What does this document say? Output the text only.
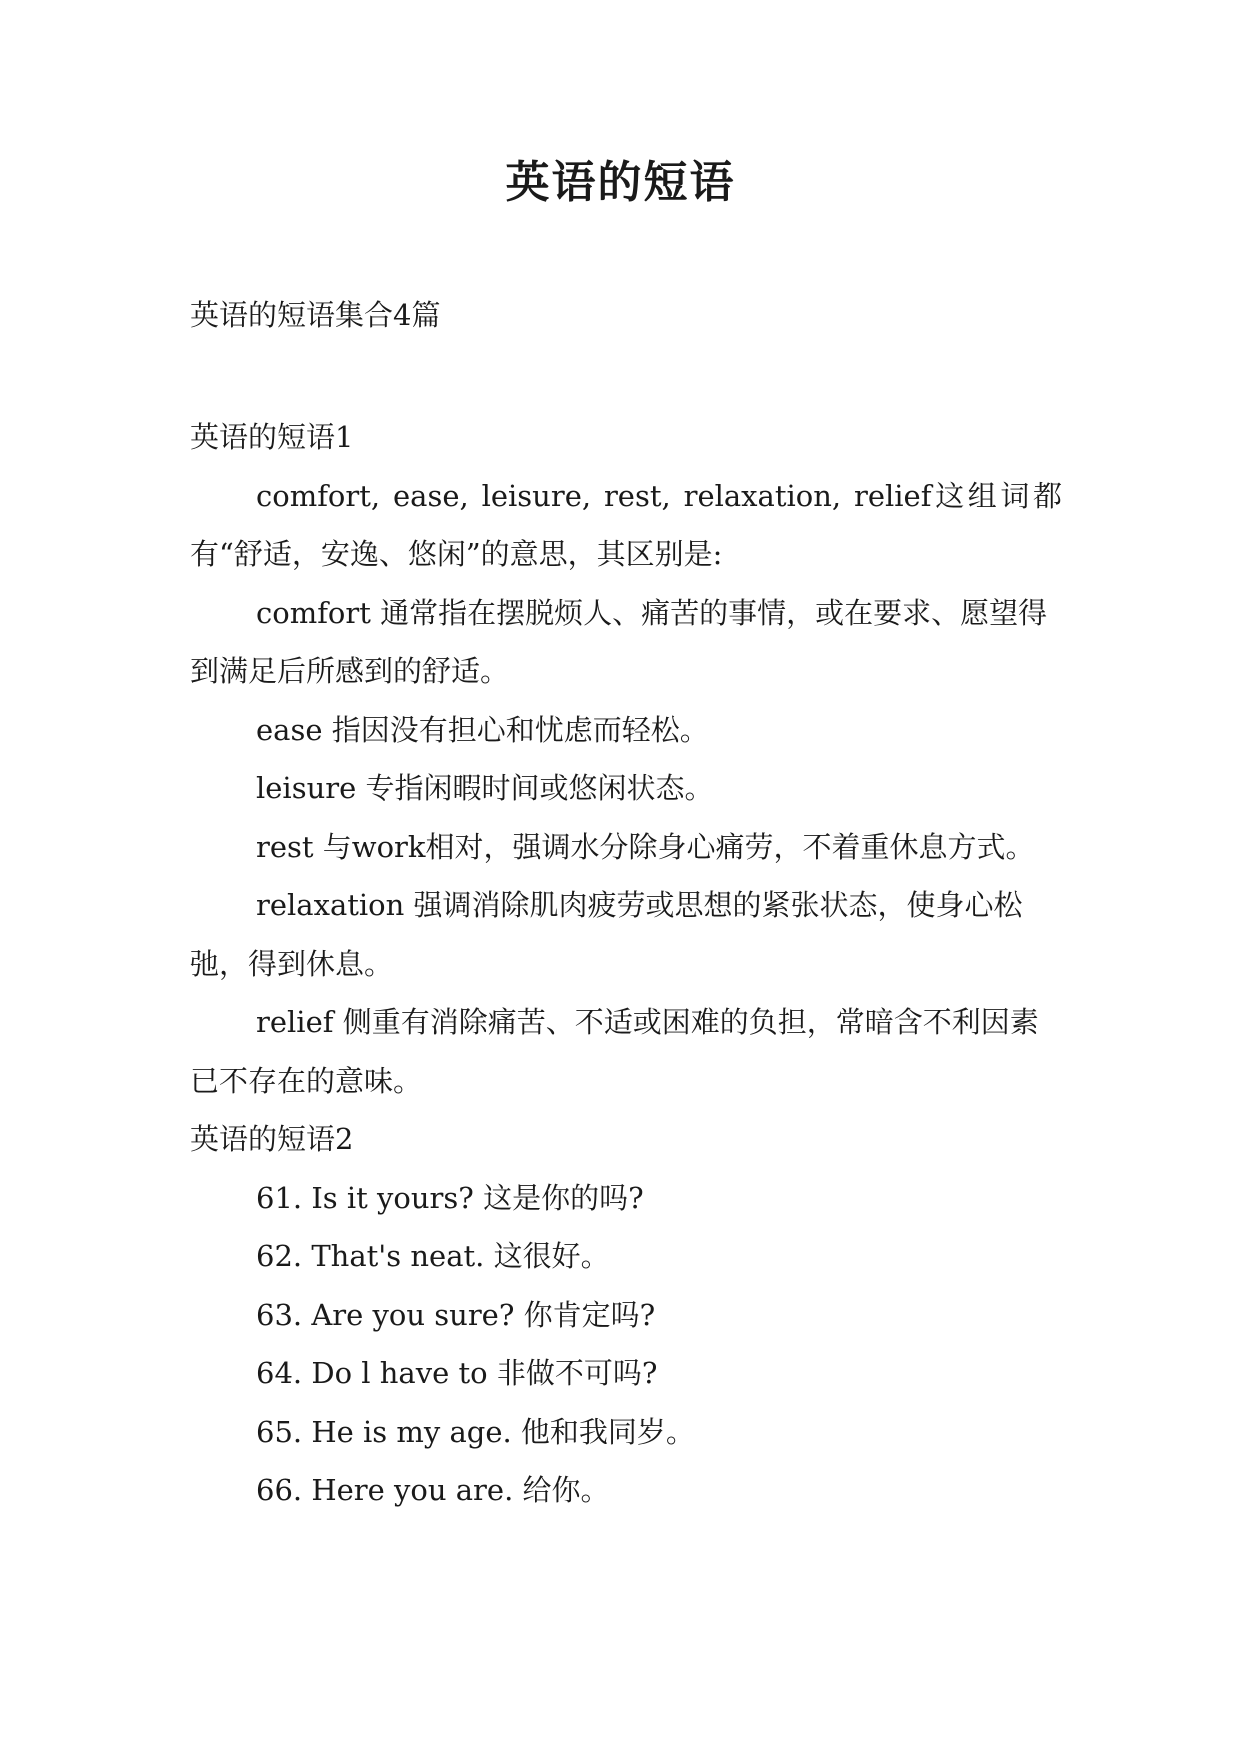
英语的短语

英语的短语集合4篇

英语的短语1

comfort, ease, leisure, rest, relaxation, relief这组词都有“舒适，安逸、悠闲”的意思，其区别是:

comfort 通常指在摆脱烦人、痛苦的事情，或在要求、愿望得到满足后所感到的舒适。

ease 指因没有担心和忧虑而轻松。

leisure 专指闲暇时间或悠闲状态。

rest 与work相对，强调水分除身心痛劳，不着重休息方式。

relaxation 强调消除肌肉疲劳或思想的紧张状态，使身心松弛，得到休息。

relief 侧重有消除痛苦、不适或困难的负担，常暗含不利因素已不存在的意味。

英语的短语2

61. Is it yours? 这是你的吗?

62. That's neat. 这很好。

63. Are you sure? 你肯定吗?

64. Do l have to 非做不可吗?

65. He is my age. 他和我同岁。

66. Here you are. 给你。
